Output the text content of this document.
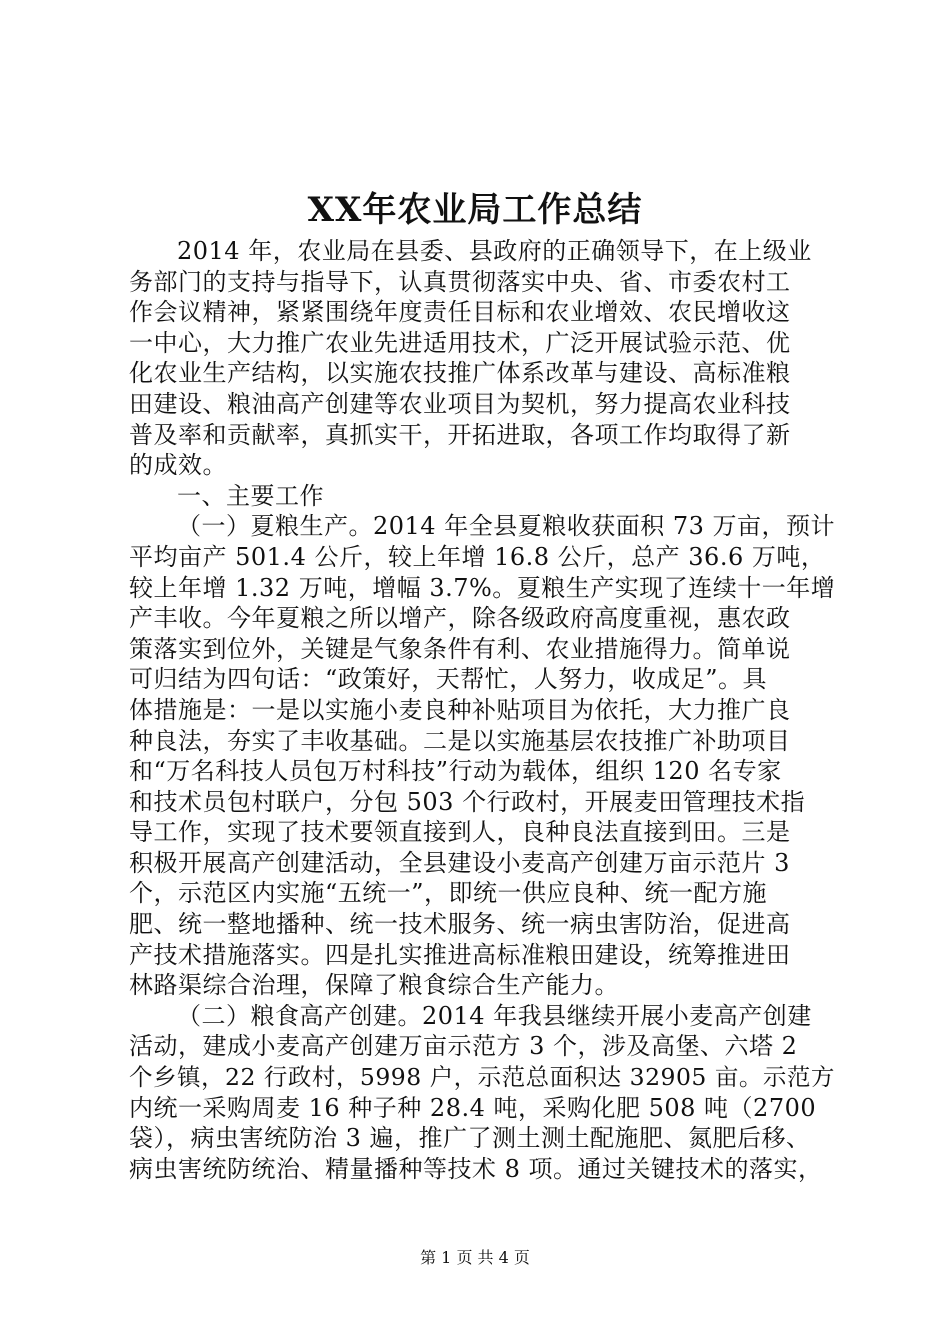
XX年农业局工作总结
2014 年，农业局在县委、县政府的正确领导下，在上级业
务部门的支持与指导下，认真贯彻落实中央、省、市委农村工
作会议精神，紧紧围绕年度责任目标和农业增效、农民增收这
一中心，大力推广农业先进适用技术，广泛开展试验示范、优
化农业生产结构，以实施农技推广体系改革与建设、高标准粮
田建设、粮油高产创建等农业项目为契机，努力提高农业科技
普及率和贡献率，真抓实干，开拓进取，各项工作均取得了新
的成效。
一、主要工作
（一）夏粮生产。2014 年全县夏粮收获面积 73 万亩，预计
平均亩产 501.4 公斤，较上年增 16.8 公斤，总产 36.6 万吨，
较上年增 1.32 万吨，增幅 3.7%。夏粮生产实现了连续十一年增
产丰收。今年夏粮之所以增产，除各级政府高度重视，惠农政
策落实到位外，关键是气象条件有利、农业措施得力。简单说
可归结为四句话：“政策好，天帮忙，人努力，收成足”。具
体措施是：一是以实施小麦良种补贴项目为依托，大力推广良
种良法，夯实了丰收基础。二是以实施基层农技推广补助项目
和“万名科技人员包万村科技”行动为载体，组织 120 名专家
和技术员包村联户，分包 503 个行政村，开展麦田管理技术指
导工作，实现了技术要领直接到人，良种良法直接到田。三是
积极开展高产创建活动，全县建设小麦高产创建万亩示范片 3
个，示范区内实施“五统一”，即统一供应良种、统一配方施
肥、统一整地播种、统一技术服务、统一病虫害防治，促进高
产技术措施落实。四是扎实推进高标准粮田建设，统筹推进田
林路渠综合治理，保障了粮食综合生产能力。
（二）粮食高产创建。2014 年我县继续开展小麦高产创建
活动，建成小麦高产创建万亩示范方 3 个，涉及高堡、六塔 2
个乡镇，22 行政村，5998 户，示范总面积达 32905 亩。示范方
内统一采购周麦 16 种子种 28.4 吨，采购化肥 508 吨（2700
袋），病虫害统防治 3 遍，推广了测土测土配施肥、氮肥后移、
病虫害统防统治、精量播种等技术 8 项。通过关键技术的落实，
第 1 页 共 4 页
